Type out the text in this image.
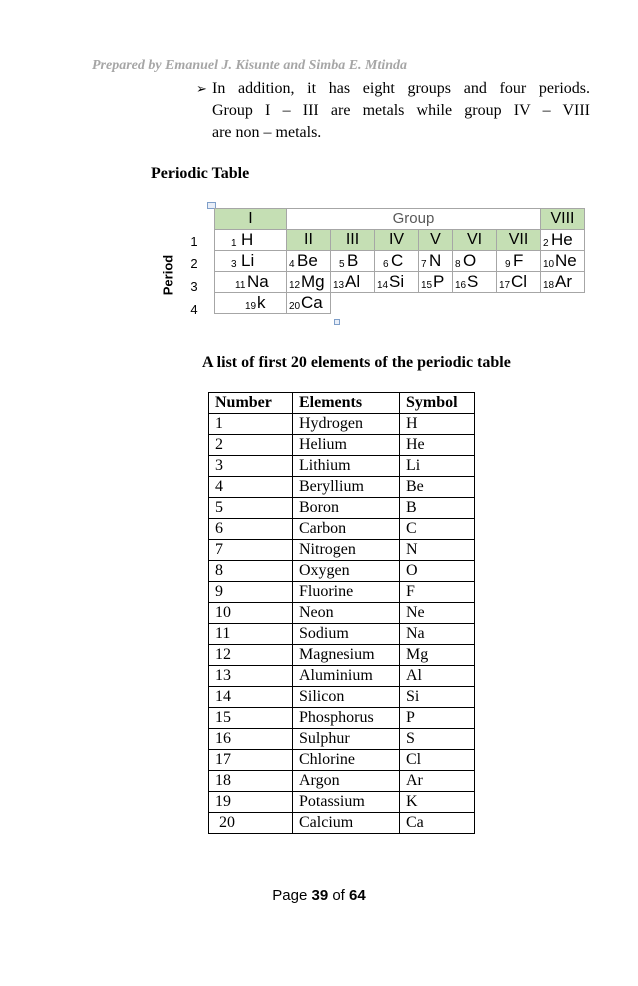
Prepared by Emanuel J. Kisunte and Simba E. Mtinda
➢ In addition, it has eight groups and four periods.
Group I – III are metals while group IV – VIII
are non – metals.
Periodic Table
Period
1
2
3
4
I	Group						VIII

1 H	II	III	IV	V	VI	VII	2 He

3 Li	4 Be	5 B	6 C	7 N	8 O	9 F	10 Ne

11 Na	12 Mg	13 Al	14 Si	15 P	16 S	17 Cl	18 Ar

19 k	20 Ca						
A list of first 20 elements of the periodic table
Number	Elements	Symbol
1	Hydrogen	H
2	Helium	He
3	Lithium	Li
4	Beryllium	Be
5	Boron	B
6	Carbon	C
7	Nitrogen	N
8	Oxygen	O
9	Fluorine	F
10	Neon	Ne
11	Sodium	Na
12	Magnesium	Mg
13	Aluminium	Al
14	Silicon	Si
15	Phosphorus	P
16	Sulphur	S
17	Chlorine	Cl
18	Argon	Ar
19	Potassium	K
20	Calcium	Ca
Page 39 of 64
